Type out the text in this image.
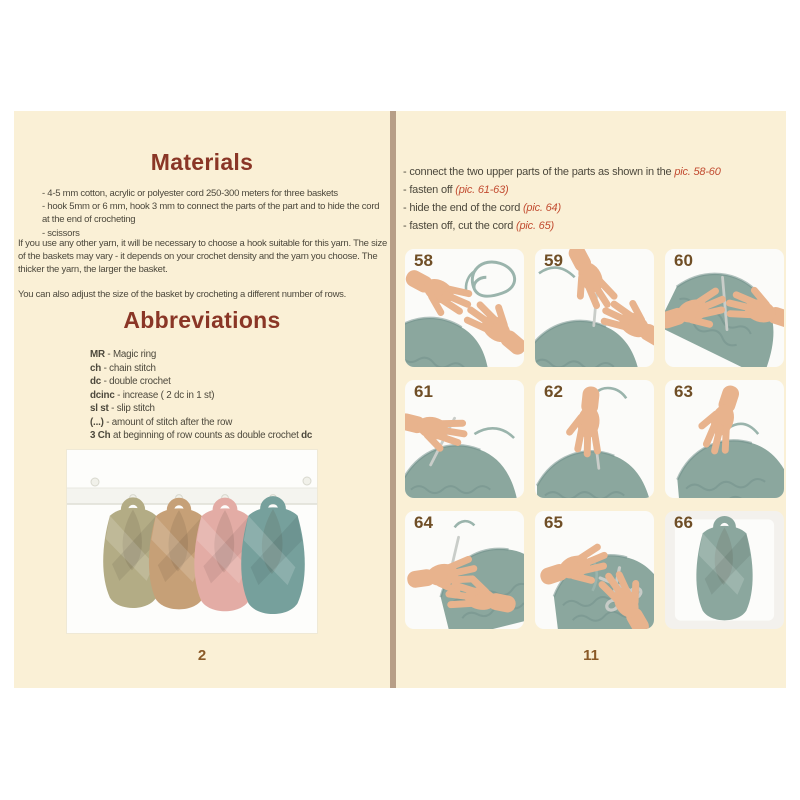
Materials
- 4-5 mm cotton, acrylic or polyester cord 250-300 meters for three baskets
- hook 5mm or 6 mm, hook 3 mm to connect the parts of the part and to hide the cord at the end of crocheting
- scissors

If you use any other yarn, it will be necessary to choose a hook suitable for this yarn. The size of the baskets may vary - it depends on your crochet density and the yarn you choose. The thicker the yarn, the larger the basket.

You can also adjust the size of the basket by crocheting a different number of rows.

Abbreviations
MR - Magic ring
ch - chain stitch
dc - double crochet
dcinc - increase ( 2 dc in 1 st)
sl st - slip stitch
(...) - amount of stitch after the row
3 Ch at beginning of row counts as double crochet dc
2
- connect the two upper parts of the parts as shown in the pic. 58-60
- fasten off (pic. 61-63)
- hide the end of the cord (pic. 64)
- fasten off, cut the cord (pic. 65)
58	59	60
61	62	63
64	65	66
11
